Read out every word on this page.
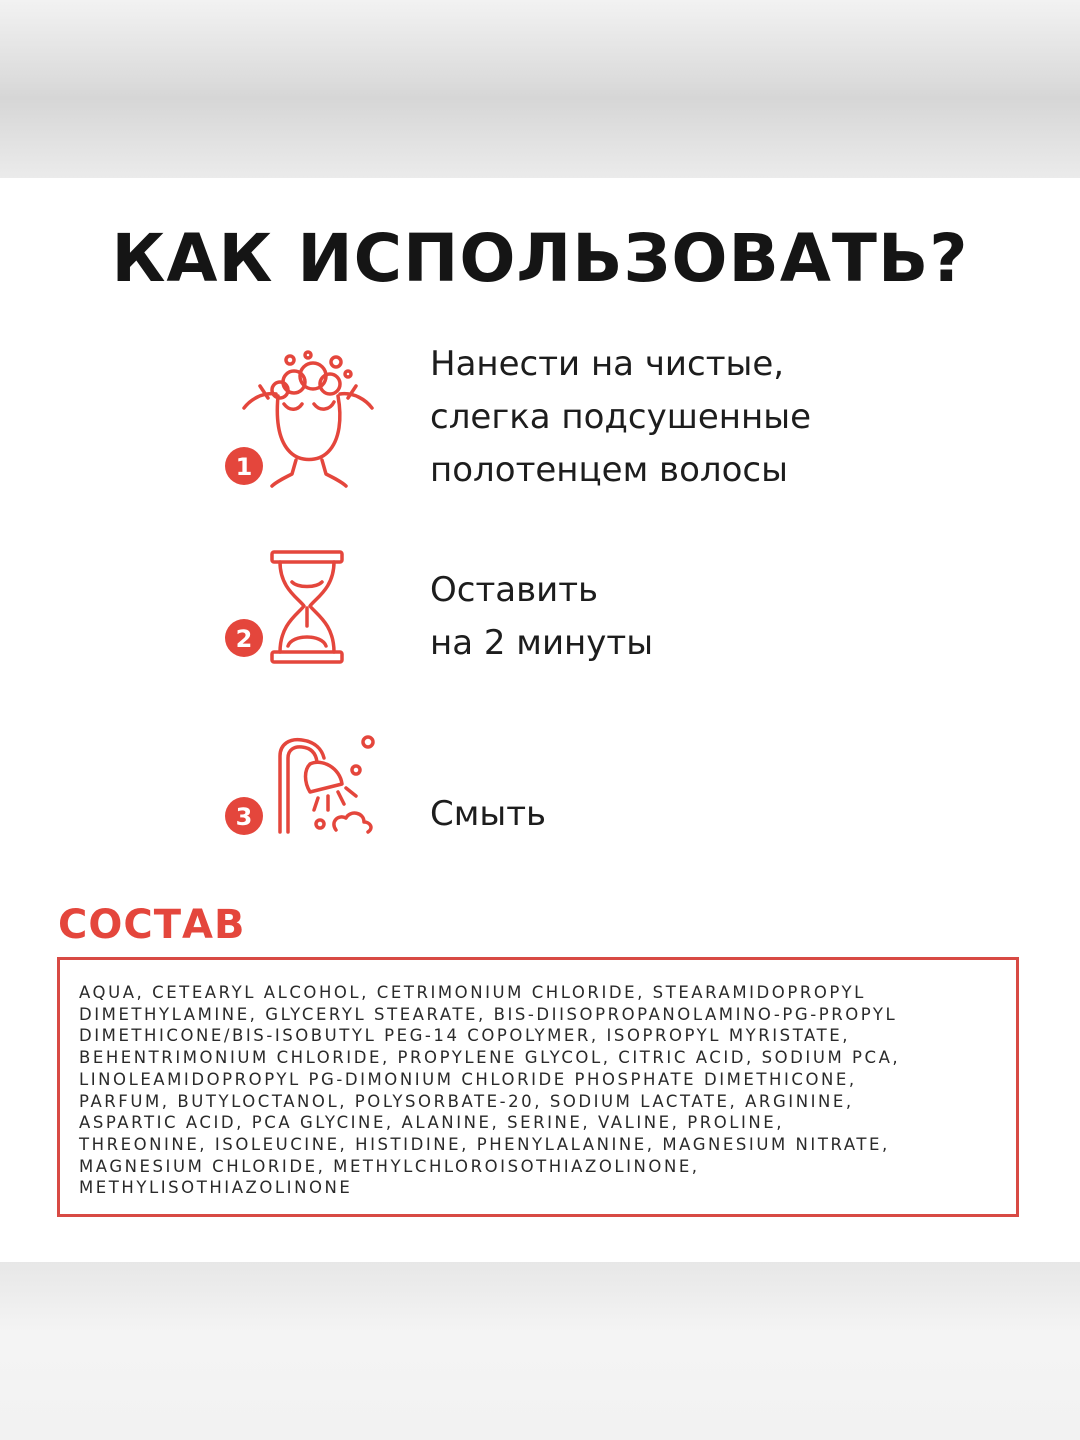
КАК ИСПОЛЬЗОВАТЬ?
1
Нанести на чистые,
слегка подсушенные
полотенцем волосы
2
Оставить
на 2 минуты
3	Смыть
СОСТАВ

AQUA, CETEARYL ALCOHOL, CETRIMONIUM CHLORIDE, STEARAMIDOPROPYL
DIMETHYLAMINE, GLYCERYL STEARATE, BIS-DIISOPROPANOLAMINO-PG-PROPYL
DIMETHICONE/BIS-ISOBUTYL PEG-14 COPOLYMER, ISOPROPYL MYRISTATE,
BEHENTRIMONIUM CHLORIDE, PROPYLENE GLYCOL, CITRIC ACID, SODIUM PCA,
LINOLEAMIDOPROPYL PG-DIMONIUM CHLORIDE PHOSPHATE DIMETHICONE,
PARFUM, BUTYLOCTANOL, POLYSORBATE-20, SODIUM LACTATE, ARGININE,
ASPARTIC ACID, PCA GLYCINE, ALANINE, SERINE, VALINE, PROLINE,
THREONINE, ISOLEUCINE, HISTIDINE, PHENYLALANINE, MAGNESIUM NITRATE,
MAGNESIUM CHLORIDE, METHYLCHLOROISOTHIAZOLINONE,
METHYLISOTHIAZOLINONE
